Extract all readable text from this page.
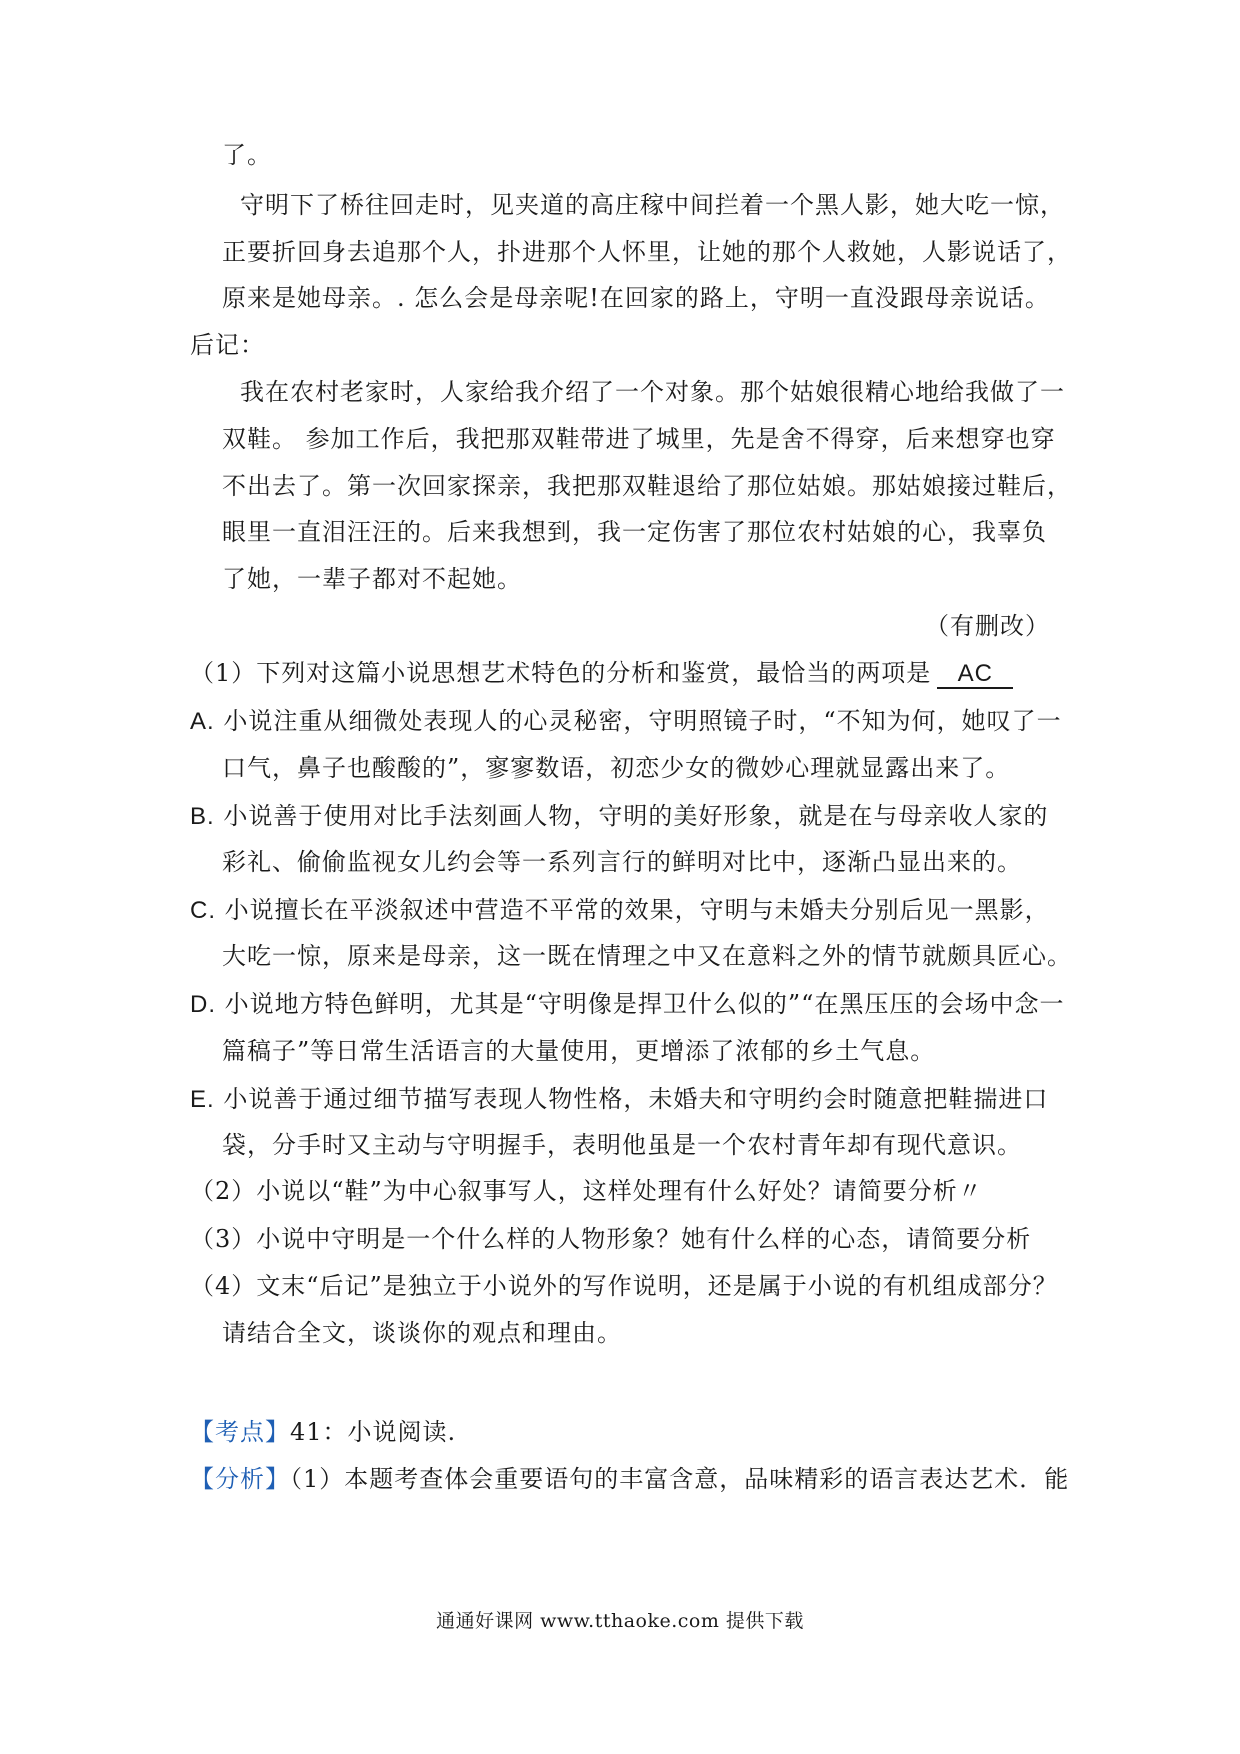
了。
守明下了桥往回走时，见夹道的高庄稼中间拦着一个黑人影，她大吃一惊，
正要折回身去追那个人，扑进那个人怀里，让她的那个人救她，人影说话了，
原来是她母亲。. 怎么会是母亲呢!在回家的路上，守明一直没跟母亲说话。
后记：
我在农村老家时，人家给我介绍了一个对象。那个姑娘很精心地给我做了一
双鞋。 参加工作后，我把那双鞋带进了城里，先是舍不得穿，后来想穿也穿
不出去了。第一次回家探亲，我把那双鞋退给了那位姑娘。那姑娘接过鞋后，
眼里一直泪汪汪的。后来我想到，我一定伤害了那位农村姑娘的心，我辜负
了她，一辈子都对不起她。
（有删改）
（1）下列对这篇小说思想艺术特色的分析和鉴赏，最恰当的两项是 AC
A. 小说注重从细微处表现人的心灵秘密，守明照镜子时，“不知为何，她叹了一
口气，鼻子也酸酸的”，寥寥数语，初恋少女的微妙心理就显露出来了。
B. 小说善于使用对比手法刻画人物，守明的美好形象，就是在与母亲收人家的
彩礼、偷偷监视女儿约会等一系列言行的鲜明对比中，逐渐凸显出来的。
C. 小说擅长在平淡叙述中营造不平常的效果，守明与未婚夫分别后见一黑影，
大吃一惊，原来是母亲，这一既在情理之中又在意料之外的情节就颇具匠心。
D. 小说地方特色鲜明，尤其是“守明像是捍卫什么似的”“在黑压压的会场中念一
篇稿子”等日常生活语言的大量使用，更增添了浓郁的乡土气息。
E. 小说善于通过细节描写表现人物性格，未婚夫和守明约会时随意把鞋揣进口
袋，分手时又主动与守明握手，表明他虽是一个农村青年却有现代意识。
（2）小说以“鞋”为中心叙事写人，这样处理有什么好处？请简要分析〃
（3）小说中守明是一个什么样的人物形象？她有什么样的心态，请简要分析
（4）文末“后记”是独立于小说外的写作说明，还是属于小说的有机组成部分？
请结合全文，谈谈你的观点和理由。
【考点】41：小说阅读.
【分析】（1）本题考查体会重要语句的丰富含意，品味精彩的语言表达艺术．能
通通好课网 www.tthaoke.com 提供下载
